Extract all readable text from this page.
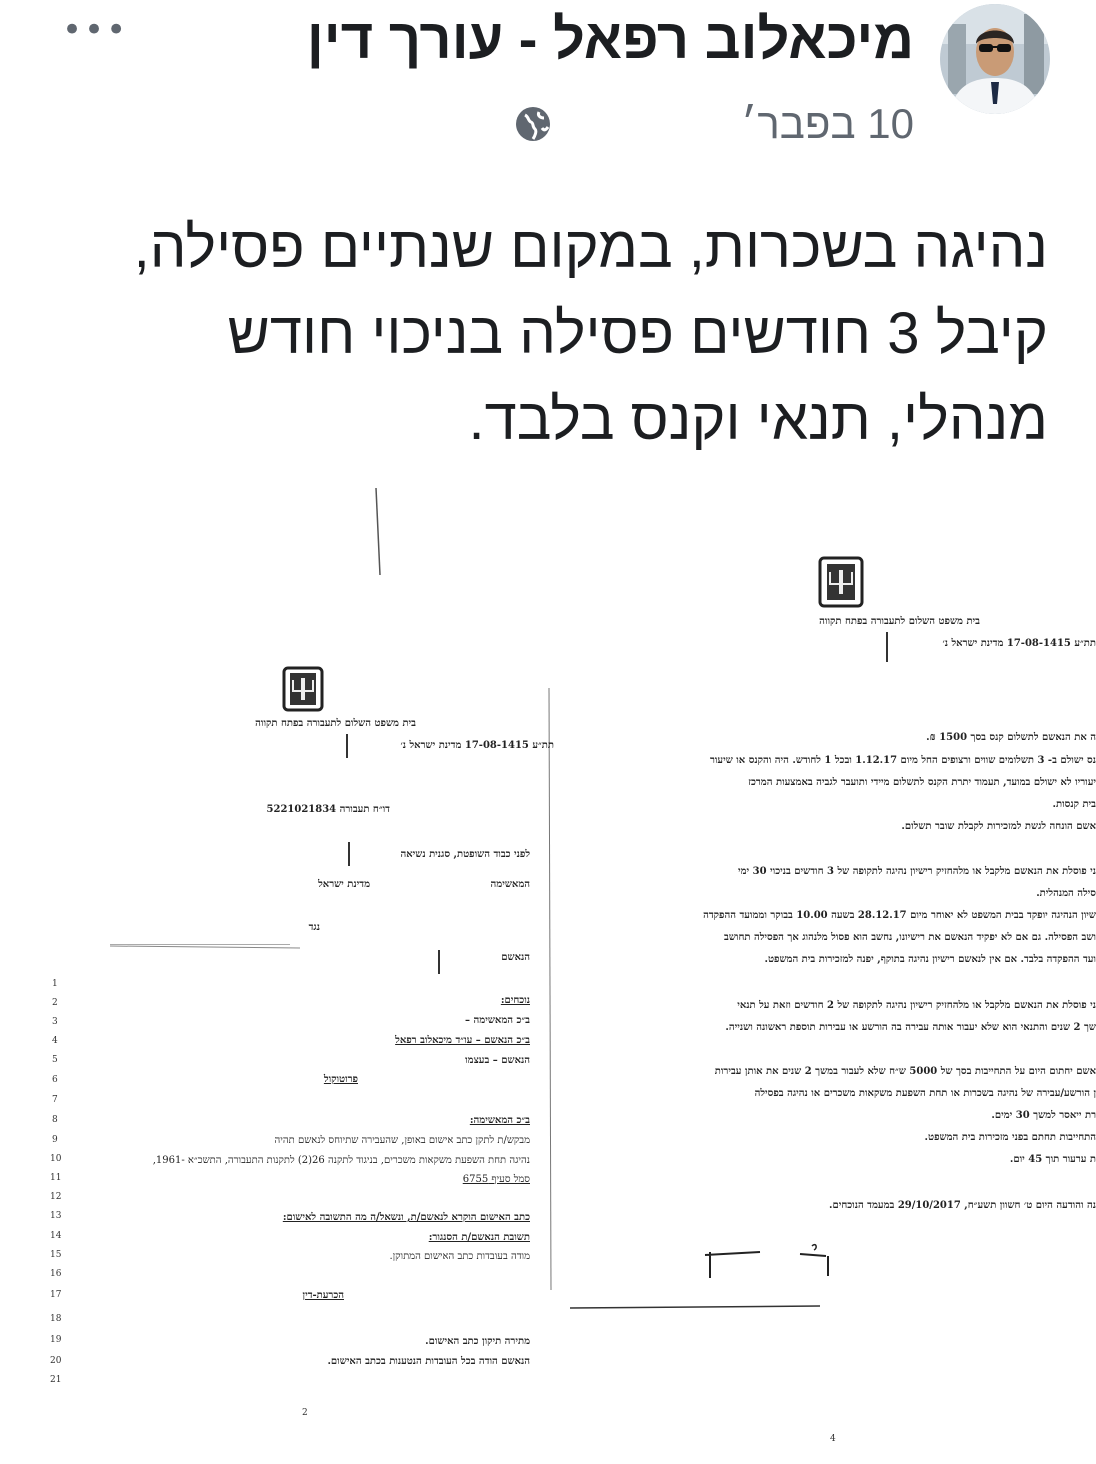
•••	מיכאלוב רפאל - עורך דין
10 בפבר׳
נהיגה בשכרות, במקום שנתיים פסילה,
קיבל 3 חודשים פסילה בניכוי חודש
מנהלי, תנאי וקנס בלבד.
בית משפט השלום לתעבורה בפתח תקווה
תת״ע 17-08-1415 מדינת ישראל נ׳
ה את הנאשם לתשלום קנס בסך 1500 ₪.
נס ישולם ב- 3 תשלומים שווים ורצופים החל מיום 1.12.17 ובכל 1 לחודש. היה והקנס או שיעור
יעוריו לא ישולם במועד, תעמוד יתרת הקנס לתשלום מיידי ותועבר לגביה באמצעות המרכז
בית קנסות.
אשם הונחה לגשת למזכירות לקבלת שובר תשלום.
ני פוסלת את הנאשם מלקבל או מלהחזיק רישיון נהיגה לתקופה של 3 חודשים בניכוי 30 ימי
סילה המנהלית.
שיון הנהיגה יופקד בבית המשפט לא יאוחר מיום 28.12.17 בשעה 10.00 בבוקר וממועד ההפקדה
ושב הפסילה. גם אם לא יפקיד הנאשם את רישיונו, נחשב הוא פסול מלנהוג אך הפסילה תחושב
ועד ההפקדה בלבד. אם אין לנאשם רישיון נהיגה בתוקף, יפנה למזכירות בית המשפט.
ני פוסלת את הנאשם מלקבל או מלהחזיק רישיון נהיגה לתקופה של 2 חודשים וזאת על תנאי
שך 2 שנים והתנאי הוא שלא יעבור אותה עבירה בה הורשע או עבירות תוספת ראשונה ושנייה.
אשם יחתום היום על התחייבות בסך של 5000 ש״ח שלא לעבור במשך 2 שנים את אותן עבירות
ן הורשע/עבירה של נהיגה בשכרות או תחת השפעת משקאות משכרים או נהיגה בפסילה
רת ייאסר למשך 30 ימים.
התחייבות תחתם בפני מזכירות בית המשפט.
ת ערעור תוך 45 יום.
נה והודעה היום ט׳ חשוון תשע״ח, 29/10/2017 במעמד הנוכחים.
4
בית משפט השלום לתעבורה בפתח תקווה
תת״ע 17-08-1415 מדינת ישראל נ׳
דו״ח תעבורה 5221021834
לפני כבוד השופטת, סגנית נשיאה
המאשימה
מדינת ישראל
נגד
הנאשם
נוכחים:
ב״כ המאשימה –
ב״כ הנאשם – עו״ד מיכאלוב רפאל
הנאשם – בעצמו
פרוטוקול
ב״כ המאשימה:
מבקש/ת לתקן כתב אישום באופן, שהעבירה שתיוחס לנאשם תהיה
נהיגה תחת השפעת משקאות משכרים, בניגוד לתקנה 26(2) לתקנות התעבורה, התשכ״א -1961,
סמל סעיף 6755
כתב האישום הוקרא לנאשם/ת, ונשאל/ה מה התשובה לאישום:
תשובת הנאשם/ת הסנגור:
מודה בעובדות כתב האישום המתוקן.
הכרעת-דין
מתירה תיקון כתב האישום.
הנאשם הודה בכל העובדות הנטענות בכתב האישום.
1
2
3
4
5
6
7
8
9
10
11
12
13
14
15
16
17
18
19
20
21
2
